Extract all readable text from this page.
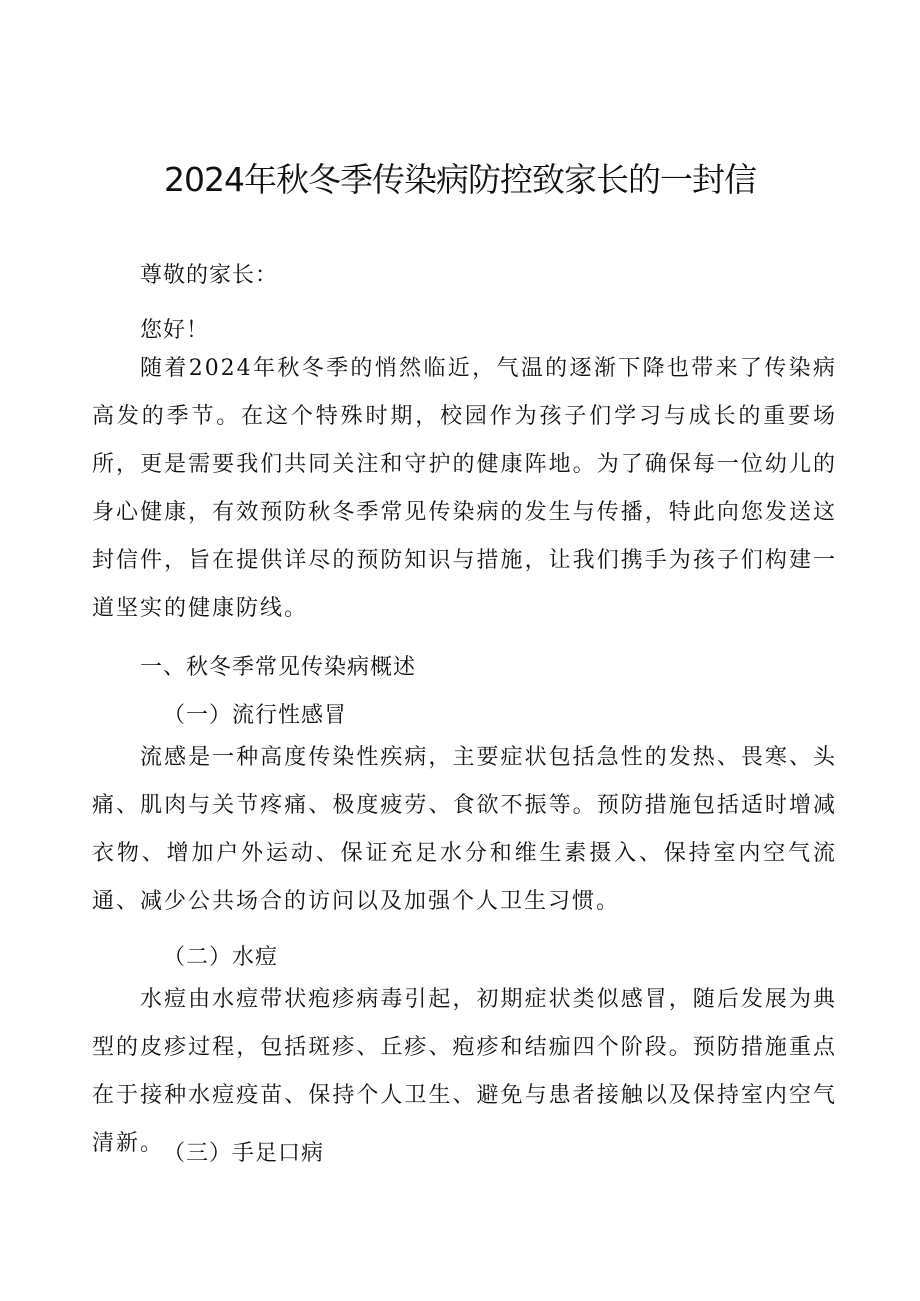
2024年秋冬季传染病防控致家长的一封信
尊敬的家长：
您好！
随着2024年秋冬季的悄然临近，气温的逐渐下降也带来了传染病高发的季节。在这个特殊时期，校园作为孩子们学习与成长的重要场所，更是需要我们共同关注和守护的健康阵地。为了确保每一位幼儿的身心健康，有效预防秋冬季常见传染病的发生与传播，特此向您发送这封信件，旨在提供详尽的预防知识与措施，让我们携手为孩子们构建一道坚实的健康防线。
一、秋冬季常见传染病概述
（一）流行性感冒
流感是一种高度传染性疾病，主要症状包括急性的发热、畏寒、头痛、肌肉与关节疼痛、极度疲劳、食欲不振等。预防措施包括适时增减衣物、增加户外运动、保证充足水分和维生素摄入、保持室内空气流通、减少公共场合的访问以及加强个人卫生习惯。
（二）水痘
水痘由水痘带状疱疹病毒引起，初期症状类似感冒，随后发展为典型的皮疹过程，包括斑疹、丘疹、疱疹和结痂四个阶段。预防措施重点在于接种水痘疫苗、保持个人卫生、避免与患者接触以及保持室内空气清新。
（三）手足口病
